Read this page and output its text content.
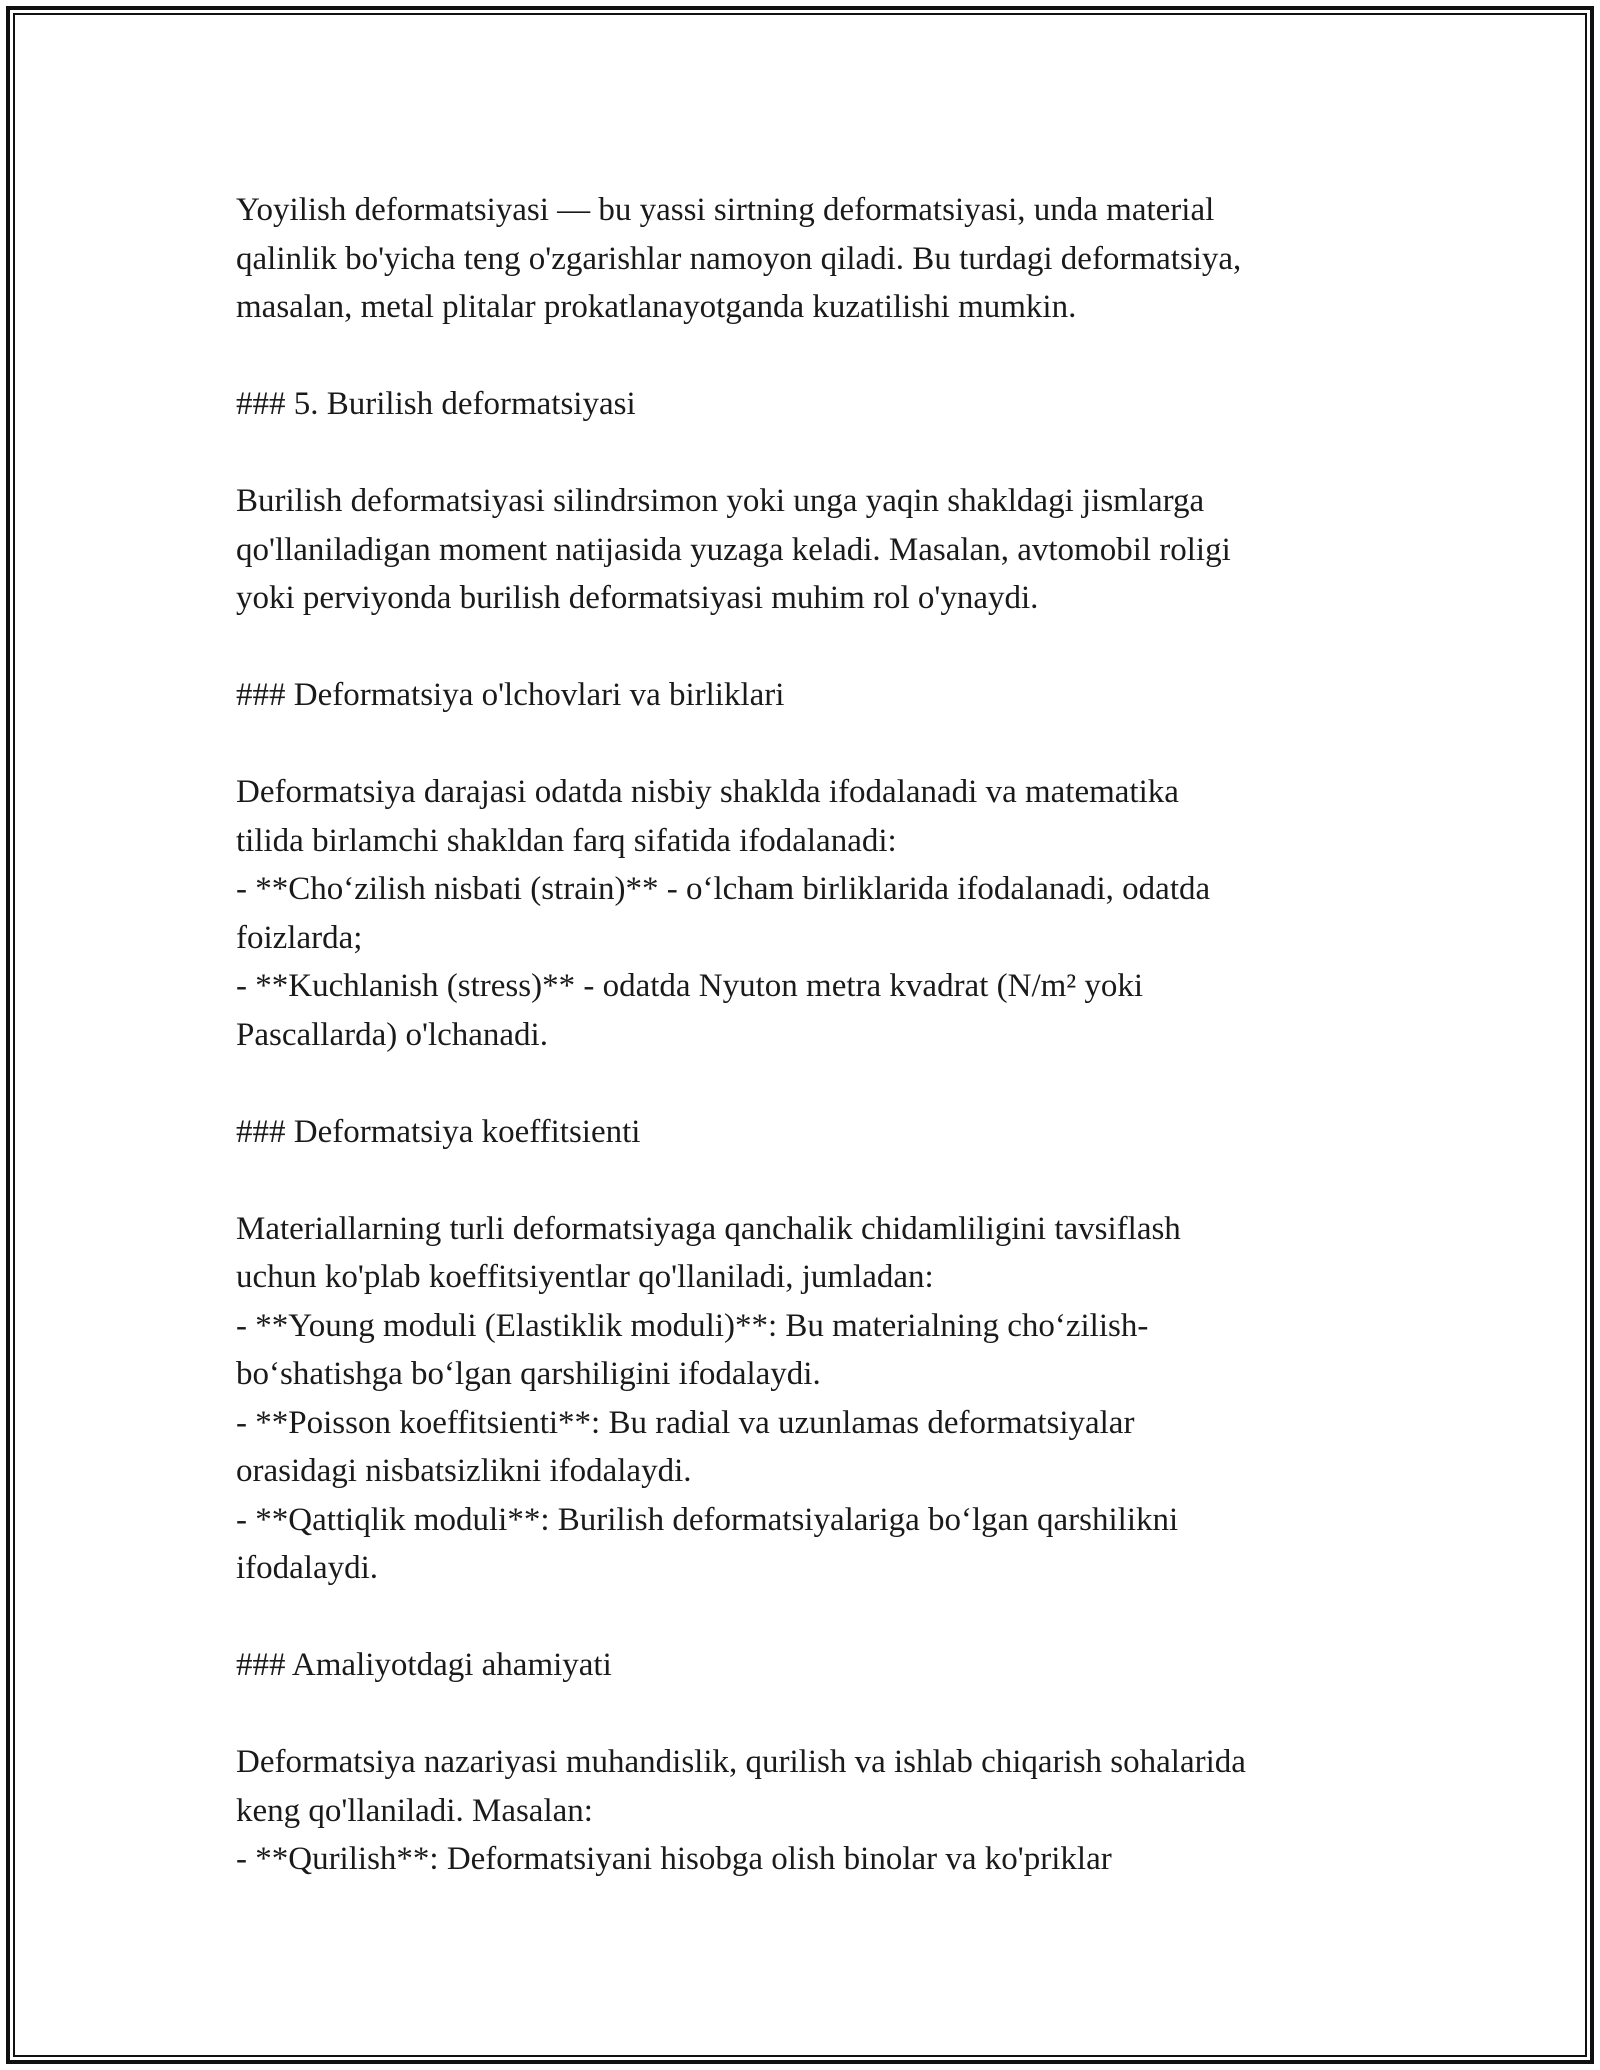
Yoyilish deformatsiyasi — bu yassi sirtning deformatsiyasi, unda material
qalinlik bo'yicha teng o'zgarishlar namoyon qiladi. Bu turdagi deformatsiya,
masalan, metal plitalar prokatlanayotganda kuzatilishi mumkin.

### 5. Burilish deformatsiyasi

Burilish deformatsiyasi silindrsimon yoki unga yaqin shakldagi jismlarga
qo'llaniladigan moment natijasida yuzaga keladi. Masalan, avtomobil roligi
yoki perviyonda burilish deformatsiyasi muhim rol o'ynaydi.

### Deformatsiya o'lchovlari va birliklari

Deformatsiya darajasi odatda nisbiy shaklda ifodalanadi va matematika
tilida birlamchi shakldan farq sifatida ifodalanadi:
- **Cho‘zilish nisbati (strain)** - o‘lcham birliklarida ifodalanadi, odatda
foizlarda;
- **Kuchlanish (stress)** - odatda Nyuton metra kvadrat (N/m² yoki
Pascallarda) o'lchanadi.

### Deformatsiya koeffitsienti

Materiallarning turli deformatsiyaga qanchalik chidamliligini tavsiflash
uchun ko'plab koeffitsiyentlar qo'llaniladi, jumladan:
- **Young moduli (Elastiklik moduli)**: Bu materialning cho‘zilish-
bo‘shatishga bo‘lgan qarshiligini ifodalaydi.
- **Poisson koeffitsienti**: Bu radial va uzunlamas deformatsiyalar
orasidagi nisbatsizlikni ifodalaydi.
- **Qattiqlik moduli**: Burilish deformatsiyalariga bo‘lgan qarshilikni
ifodalaydi.

### Amaliyotdagi ahamiyati

Deformatsiya nazariyasi muhandislik, qurilish va ishlab chiqarish sohalarida
keng qo'llaniladi. Masalan:
- **Qurilish**: Deformatsiyani hisobga olish binolar va ko'priklar
